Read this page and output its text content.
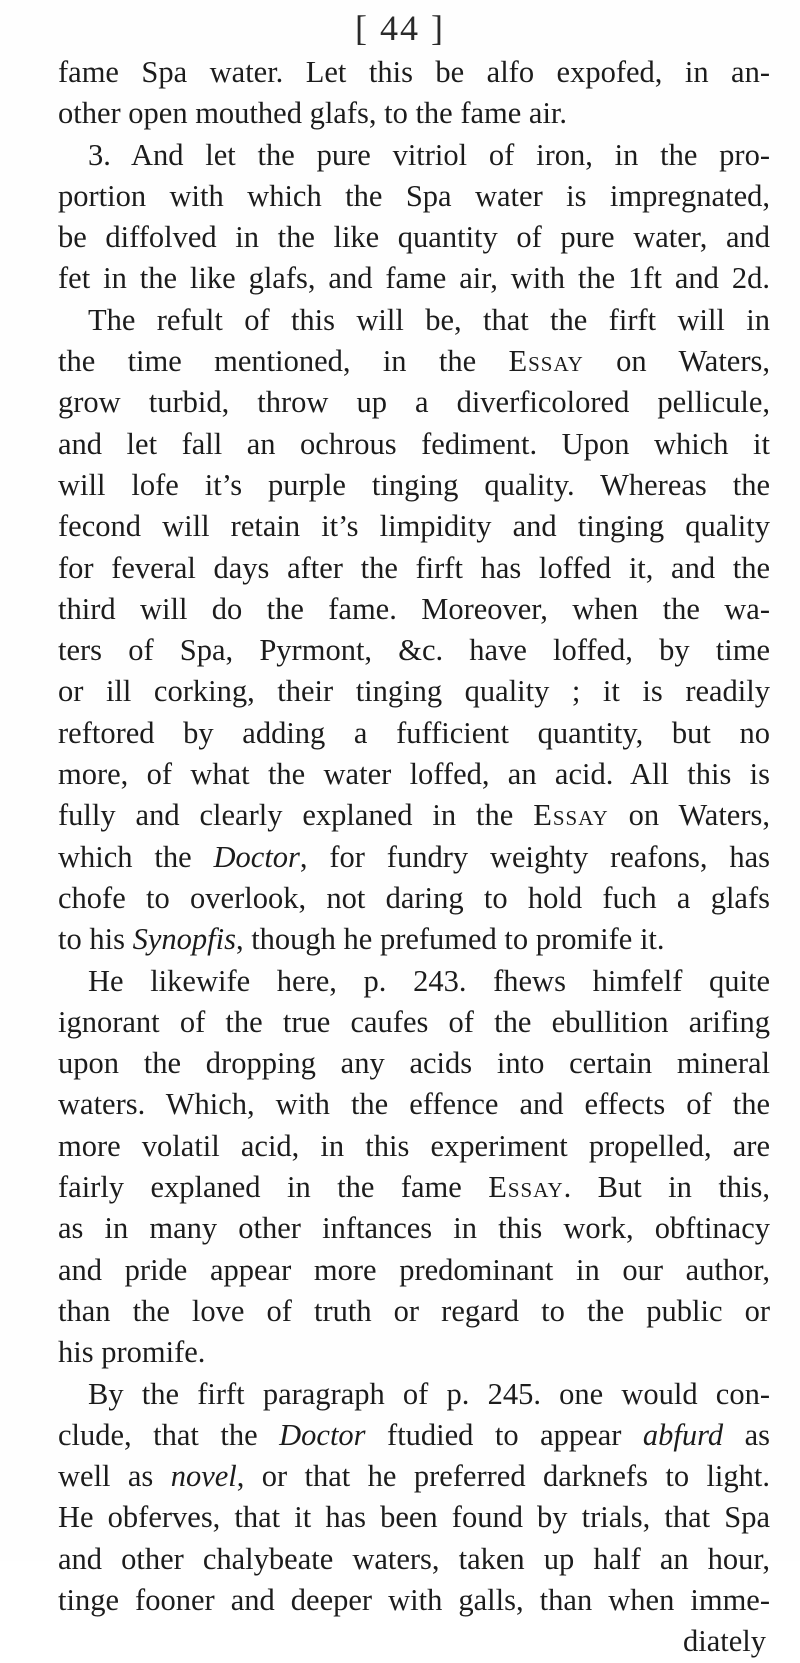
[ 44 ]
fame Spa water. Let this be alfo expofed, in an-
other open mouthed glafs, to the fame air.
3. And let the pure vitriol of iron, in the pro-
portion with which the Spa water is impregnated,
be diffolved in the like quantity of pure water, and
fet in the like glafs, and fame air, with the 1ft and 2d.
The refult of this will be, that the firft will in
the time mentioned, in the Essay on Waters,
grow turbid, throw up a diverficolored pellicule,
and let fall an ochrous fediment. Upon which it
will lofe it’s purple tinging quality. Whereas the
fecond will retain it’s limpidity and tinging quality
for feveral days after the firft has loffed it, and the
third will do the fame. Moreover, when the wa-
ters of Spa, Pyrmont, &c. have loffed, by time
or ill corking, their tinging quality ; it is readily
reftored by adding a fufficient quantity, but no
more, of what the water loffed, an acid. All this is
fully and clearly explaned in the Essay on Waters,
which the Doctor, for fundry weighty reafons, has
chofe to overlook, not daring to hold fuch a glafs
to his Synopfis, though he prefumed to promife it.
He likewife here, p. 243. fhews himfelf quite
ignorant of the true caufes of the ebullition arifing
upon the dropping any acids into certain mineral
waters. Which, with the effence and effects of the
more volatil acid, in this experiment propelled, are
fairly explaned in the fame Essay. But in this,
as in many other inftances in this work, obftinacy
and pride appear more predominant in our author,
than the love of truth or regard to the public or
his promife.
By the firft paragraph of p. 245. one would con-
clude, that the Doctor ftudied to appear abfurd as
well as novel, or that he preferred darknefs to light.
He obferves, that it has been found by trials, that Spa
and other chalybeate waters, taken up half an hour,
tinge fooner and deeper with galls, than when imme-
diately
